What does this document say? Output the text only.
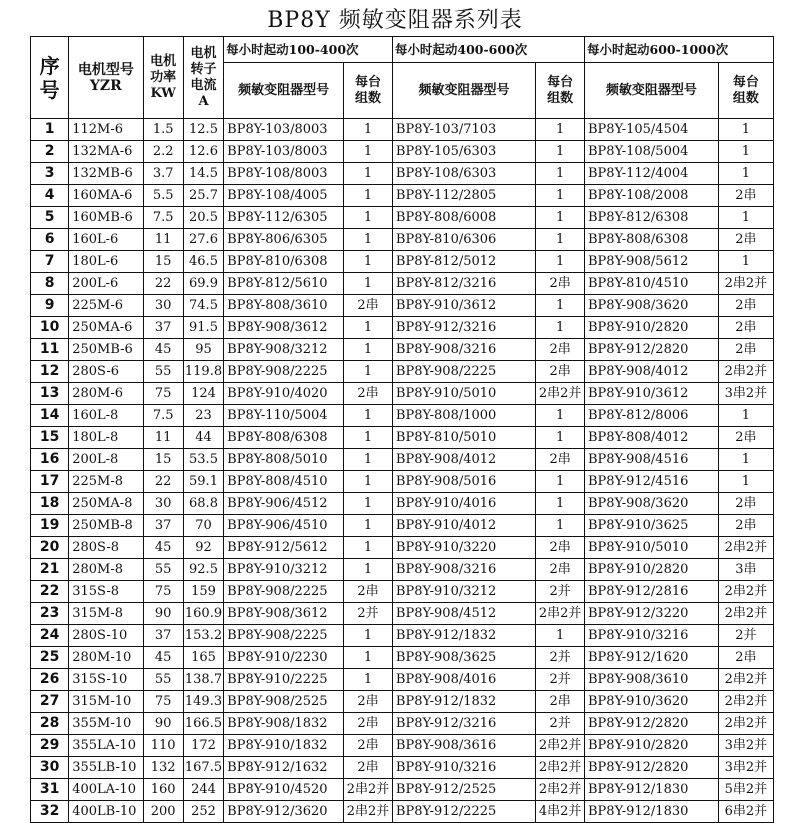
BP8Y 频敏变阻器系列表
序号	电机型号YZR	电机功率KW	电机转子电流A	每小时起动100-400次		每小时起动400-600次		每小时起动600-1000次	
				频敏变阻器型号	每台组数	频敏变阻器型号	每台组数	频敏变阻器型号	每台组数
1	112M-6	1.5	12.5	BP8Y-103/8003	1	BP8Y-103/7103	1	BP8Y-105/4504	1
2	132MA-6	2.2	12.6	BP8Y-103/8003	1	BP8Y-105/6303	1	BP8Y-108/5004	1
3	132MB-6	3.7	14.5	BP8Y-108/8003	1	BP8Y-108/6303	1	BP8Y-112/4004	1
4	160MA-6	5.5	25.7	BP8Y-108/4005	1	BP8Y-112/2805	1	BP8Y-108/2008	2串
5	160MB-6	7.5	20.5	BP8Y-112/6305	1	BP8Y-808/6008	1	BP8Y-812/6308	1
6	160L-6	11	27.6	BP8Y-806/6305	1	BP8Y-810/6306	1	BP8Y-808/6308	2串
7	180L-6	15	46.5	BP8Y-810/6308	1	BP8Y-812/5012	1	BP8Y-908/5612	1
8	200L-6	22	69.9	BP8Y-812/5610	1	BP8Y-812/3216	2串	BP8Y-810/4510	2串2并
9	225M-6	30	74.5	BP8Y-808/3610	2串	BP8Y-910/3612	1	BP8Y-908/3620	2串
10	250MA-6	37	91.5	BP8Y-908/3612	1	BP8Y-912/3216	1	BP8Y-910/2820	2串
11	250MB-6	45	95	BP8Y-908/3212	1	BP8Y-908/3216	2串	BP8Y-912/2820	2串
12	280S-6	55	119.8	BP8Y-908/2225	1	BP8Y-908/2225	2串	BP8Y-908/4012	2串2并
13	280M-6	75	124	BP8Y-910/4020	2串	BP8Y-910/5010	2串2并	BP8Y-910/3612	3串2并
14	160L-8	7.5	23	BP8Y-110/5004	1	BP8Y-808/1000	1	BP8Y-812/8006	1
15	180L-8	11	44	BP8Y-808/6308	1	BP8Y-810/5010	1	BP8Y-808/4012	2串
16	200L-8	15	53.5	BP8Y-808/5010	1	BP8Y-908/4012	2串	BP8Y-908/4516	1
17	225M-8	22	59.1	BP8Y-808/4510	1	BP8Y-908/5016	1	BP8Y-912/4516	1
18	250MA-8	30	68.8	BP8Y-906/4512	1	BP8Y-910/4016	1	BP8Y-908/3620	2串
19	250MB-8	37	70	BP8Y-906/4510	1	BP8Y-910/4012	1	BP8Y-910/3625	2串
20	280S-8	45	92	BP8Y-912/5612	1	BP8Y-910/3220	2串	BP8Y-910/5010	2串2并
21	280M-8	55	92.5	BP8Y-910/3212	1	BP8Y-908/3216	2串	BP8Y-910/2820	3串
22	315S-8	75	159	BP8Y-908/2225	2串	BP8Y-910/3212	2并	BP8Y-912/2816	2串2并
23	315M-8	90	160.9	BP8Y-908/3612	2并	BP8Y-908/4512	2串2并	BP8Y-912/3220	2串2并
24	280S-10	37	153.2	BP8Y-908/2225	1	BP8Y-912/1832	1	BP8Y-910/3216	2并
25	280M-10	45	165	BP8Y-910/2230	1	BP8Y-908/3625	2并	BP8Y-912/1620	2串
26	315S-10	55	138.7	BP8Y-910/2225	1	BP8Y-908/4016	2并	BP8Y-908/3610	2串2并
27	315M-10	75	149.3	BP8Y-908/2525	2串	BP8Y-912/1832	2串	BP8Y-910/3620	2串2并
28	355M-10	90	166.5	BP8Y-908/1832	2串	BP8Y-912/3216	2并	BP8Y-912/2820	2串2并
29	355LA-10	110	172	BP8Y-910/1832	2串	BP8Y-908/3616	2串2并	BP8Y-910/2820	3串2并
30	355LB-10	132	167.5	BP8Y-912/1632	2串	BP8Y-910/3216	2串2并	BP8Y-912/2820	3串2并
31	400LA-10	160	244	BP8Y-910/4520	2串2并	BP8Y-912/2525	2串2并	BP8Y-912/1830	5串2并
32	400LB-10	200	252	BP8Y-912/3620	2串2并	BP8Y-912/2225	4串2并	BP8Y-912/1830	6串2并
